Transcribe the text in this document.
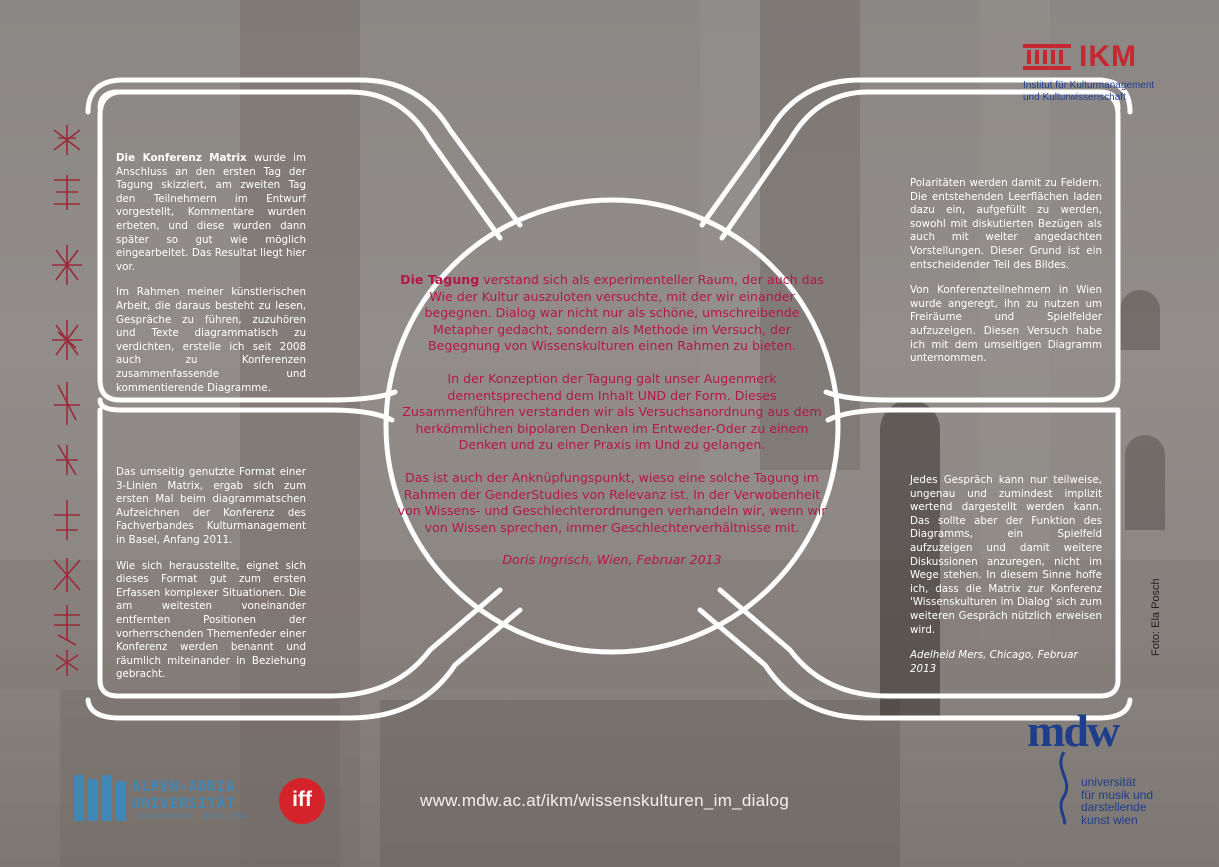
IKM
Institut für Kulturmanagement
und Kulturwissenschaft

Die Konferenz Matrix wurde im Anschluss an den ersten Tag der Tagung skizziert, am zweiten Tag den Teilnehmern im Entwurf vorgestellt, Kommentare wurden erbeten, und diese wurden dann später so gut wie möglich eingearbeitet. Das Resultat liegt hier vor.

Im Rahmen meiner künstlerischen Arbeit, die daraus besteht zu lesen, Gespräche zu führen, zuzuhören und Texte diagrammatisch zu verdichten, erstelle ich seit 2008 auch zu Konferenzen zusammenfassende und kommentierende Diagramme.

Das umseitig genutzte Format einer 3-Linien Matrix, ergab sich zum ersten Mal beim diagrammatschen Aufzeichnen der Konferenz des Fachverbandes Kulturmanagement in Basel, Anfang 2011.

Wie sich herausstellte, eignet sich dieses Format gut zum ersten Erfassen komplexer Situationen. Die am weitesten voneinander entfernten Positionen der vorherrschenden Themenfeder einer Konferenz werden benannt und räumlich miteinander in Beziehung gebracht.

Polaritäten werden damit zu Feldern. Die entstehenden Leerflächen laden dazu ein, aufgefüllt zu werden, sowohl mit diskutierten Bezügen als auch mit weiter angedachten Vorstellungen. Dieser Grund ist ein entscheidender Teil des Bildes.

Von Konferenzteilnehmern in Wien wurde angeregt, ihn zu nutzen um Freiräume und Spielfelder aufzuzeigen. Diesen Versuch habe ich mit dem umseitigen Diagramm unternommen.

Jedes Gespräch kann nur teilweise, ungenau und zumindest implizit wertend dargestellt werden kann. Das sollte aber der Funktion des Diagramms, ein Spielfeld aufzuzeigen und damit weitere Diskussionen anzuregen, nicht im Wege stehen. In diesem Sinne hoffe ich, dass die Matrix zur Konferenz 'Wissenskulturen im Dialog' sich zum weiteren Gespräch nützlich erweisen wird.

Adelheid Mers, Chicago, Februar 2013

Die Tagung verstand sich als experimenteller Raum, der auch das Wie der Kultur auszuloten versuchte, mit der wir einander begegnen. Dialog war nicht nur als schöne, umschreibende Metapher gedacht, sondern als Methode im Versuch, der Begegnung von Wissenskulturen einen Rahmen zu bieten.

In der Konzeption der Tagung galt unser Augenmerk dementsprechend dem Inhalt UND der Form. Dieses Zusammenführen verstanden wir als Versuchsanordnung aus dem herkömmlichen bipolaren Denken im Entweder-Oder zu einem Denken und zu einer Praxis im Und zu gelangen.

Das ist auch der Anknüpfungspunkt, wieso eine solche Tagung im Rahmen der GenderStudies von Relevanz ist. In der Verwobenheit von Wissens- und Geschlechterordnungen verhandeln wir, wenn wir von Wissen sprechen, immer Geschlechterverhältnisse mit.

Doris Ingrisch, Wien, Februar 2013

Foto: Ela Posch
ALPEN-ADRIA
UNIVERSITÄT
KLAGENFURT · WIEN GRAZ
iff	www.mdw.ac.at/ikm/wissenskulturen_im_dialog
mdw
universität
für musik und
darstellende
kunst wien
